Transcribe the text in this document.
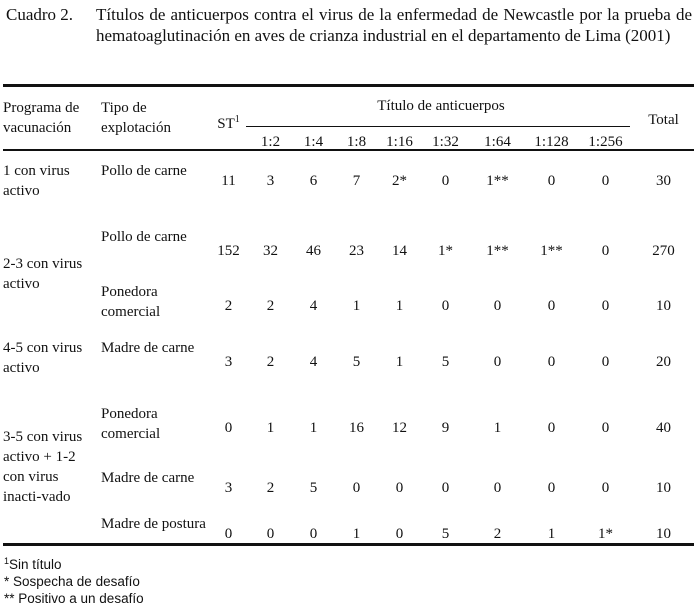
Cuadro 2. Títulos de anticuerpos contra el virus de la enfermedad de Newcastle por la prueba de hematoaglutinación en aves de crianza industrial en el departamento de Lima (2001)
Programa de vacunación	Tipo de explotación	$ST^1$	Título de anticuerpos								Total
			1:2	1:4	1:8	1:16	1:32	1:64	1:128	1:256	
1 con virus activo	Pollo de carne	11	3	6	7	2*	0	1**	0	0	30
2-3 con virus activo	Pollo de carne	152	32	46	23	14	1*	1**	1**	0	270
	Ponedora comercial	2	2	4	1	1	0	0	0	0	10
4-5 con virus activo	Madre de carne	3	2	4	5	1	5	0	0	0	20
3-5 con virus activo + 1-2 con virus inacti-vado	Ponedora comercial	0	1	1	16	12	9	1	0	0	40
	Madre de carne	3	2	5	0	0	0	0	0	0	10
	Madre de postura	0	0	0	1	0	5	2	1	1*	10
$^1$Sin título
* Sospecha de desafío
** Positivo a un desafío
